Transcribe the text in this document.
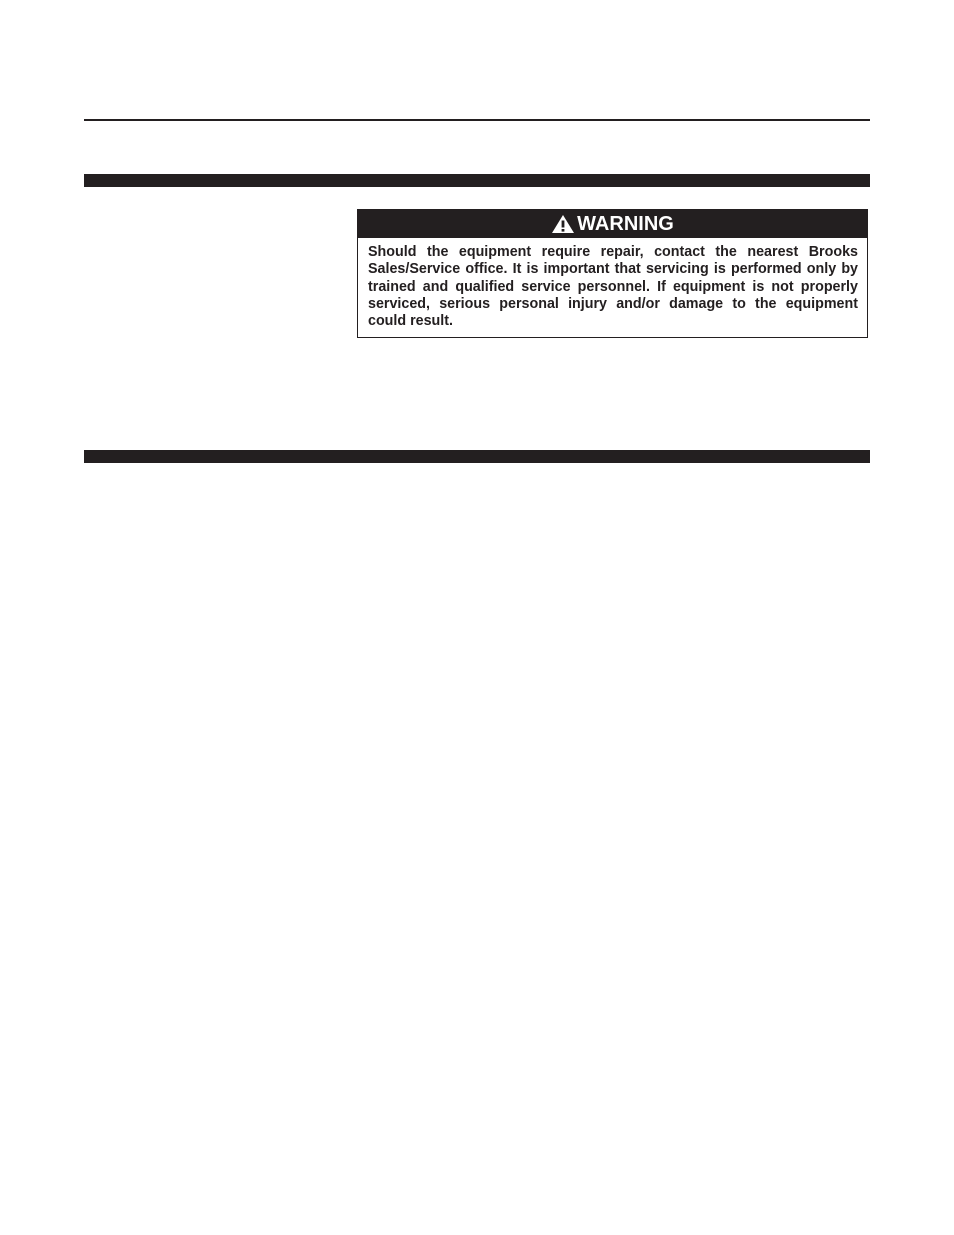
WARNING
Should the equipment require repair, contact the nearest Brooks Sales/Service office. It is important that servicing is performed only by trained and qualified service personnel. If equipment is not properly serviced, serious personal injury and/or damage to the equipment could result.
